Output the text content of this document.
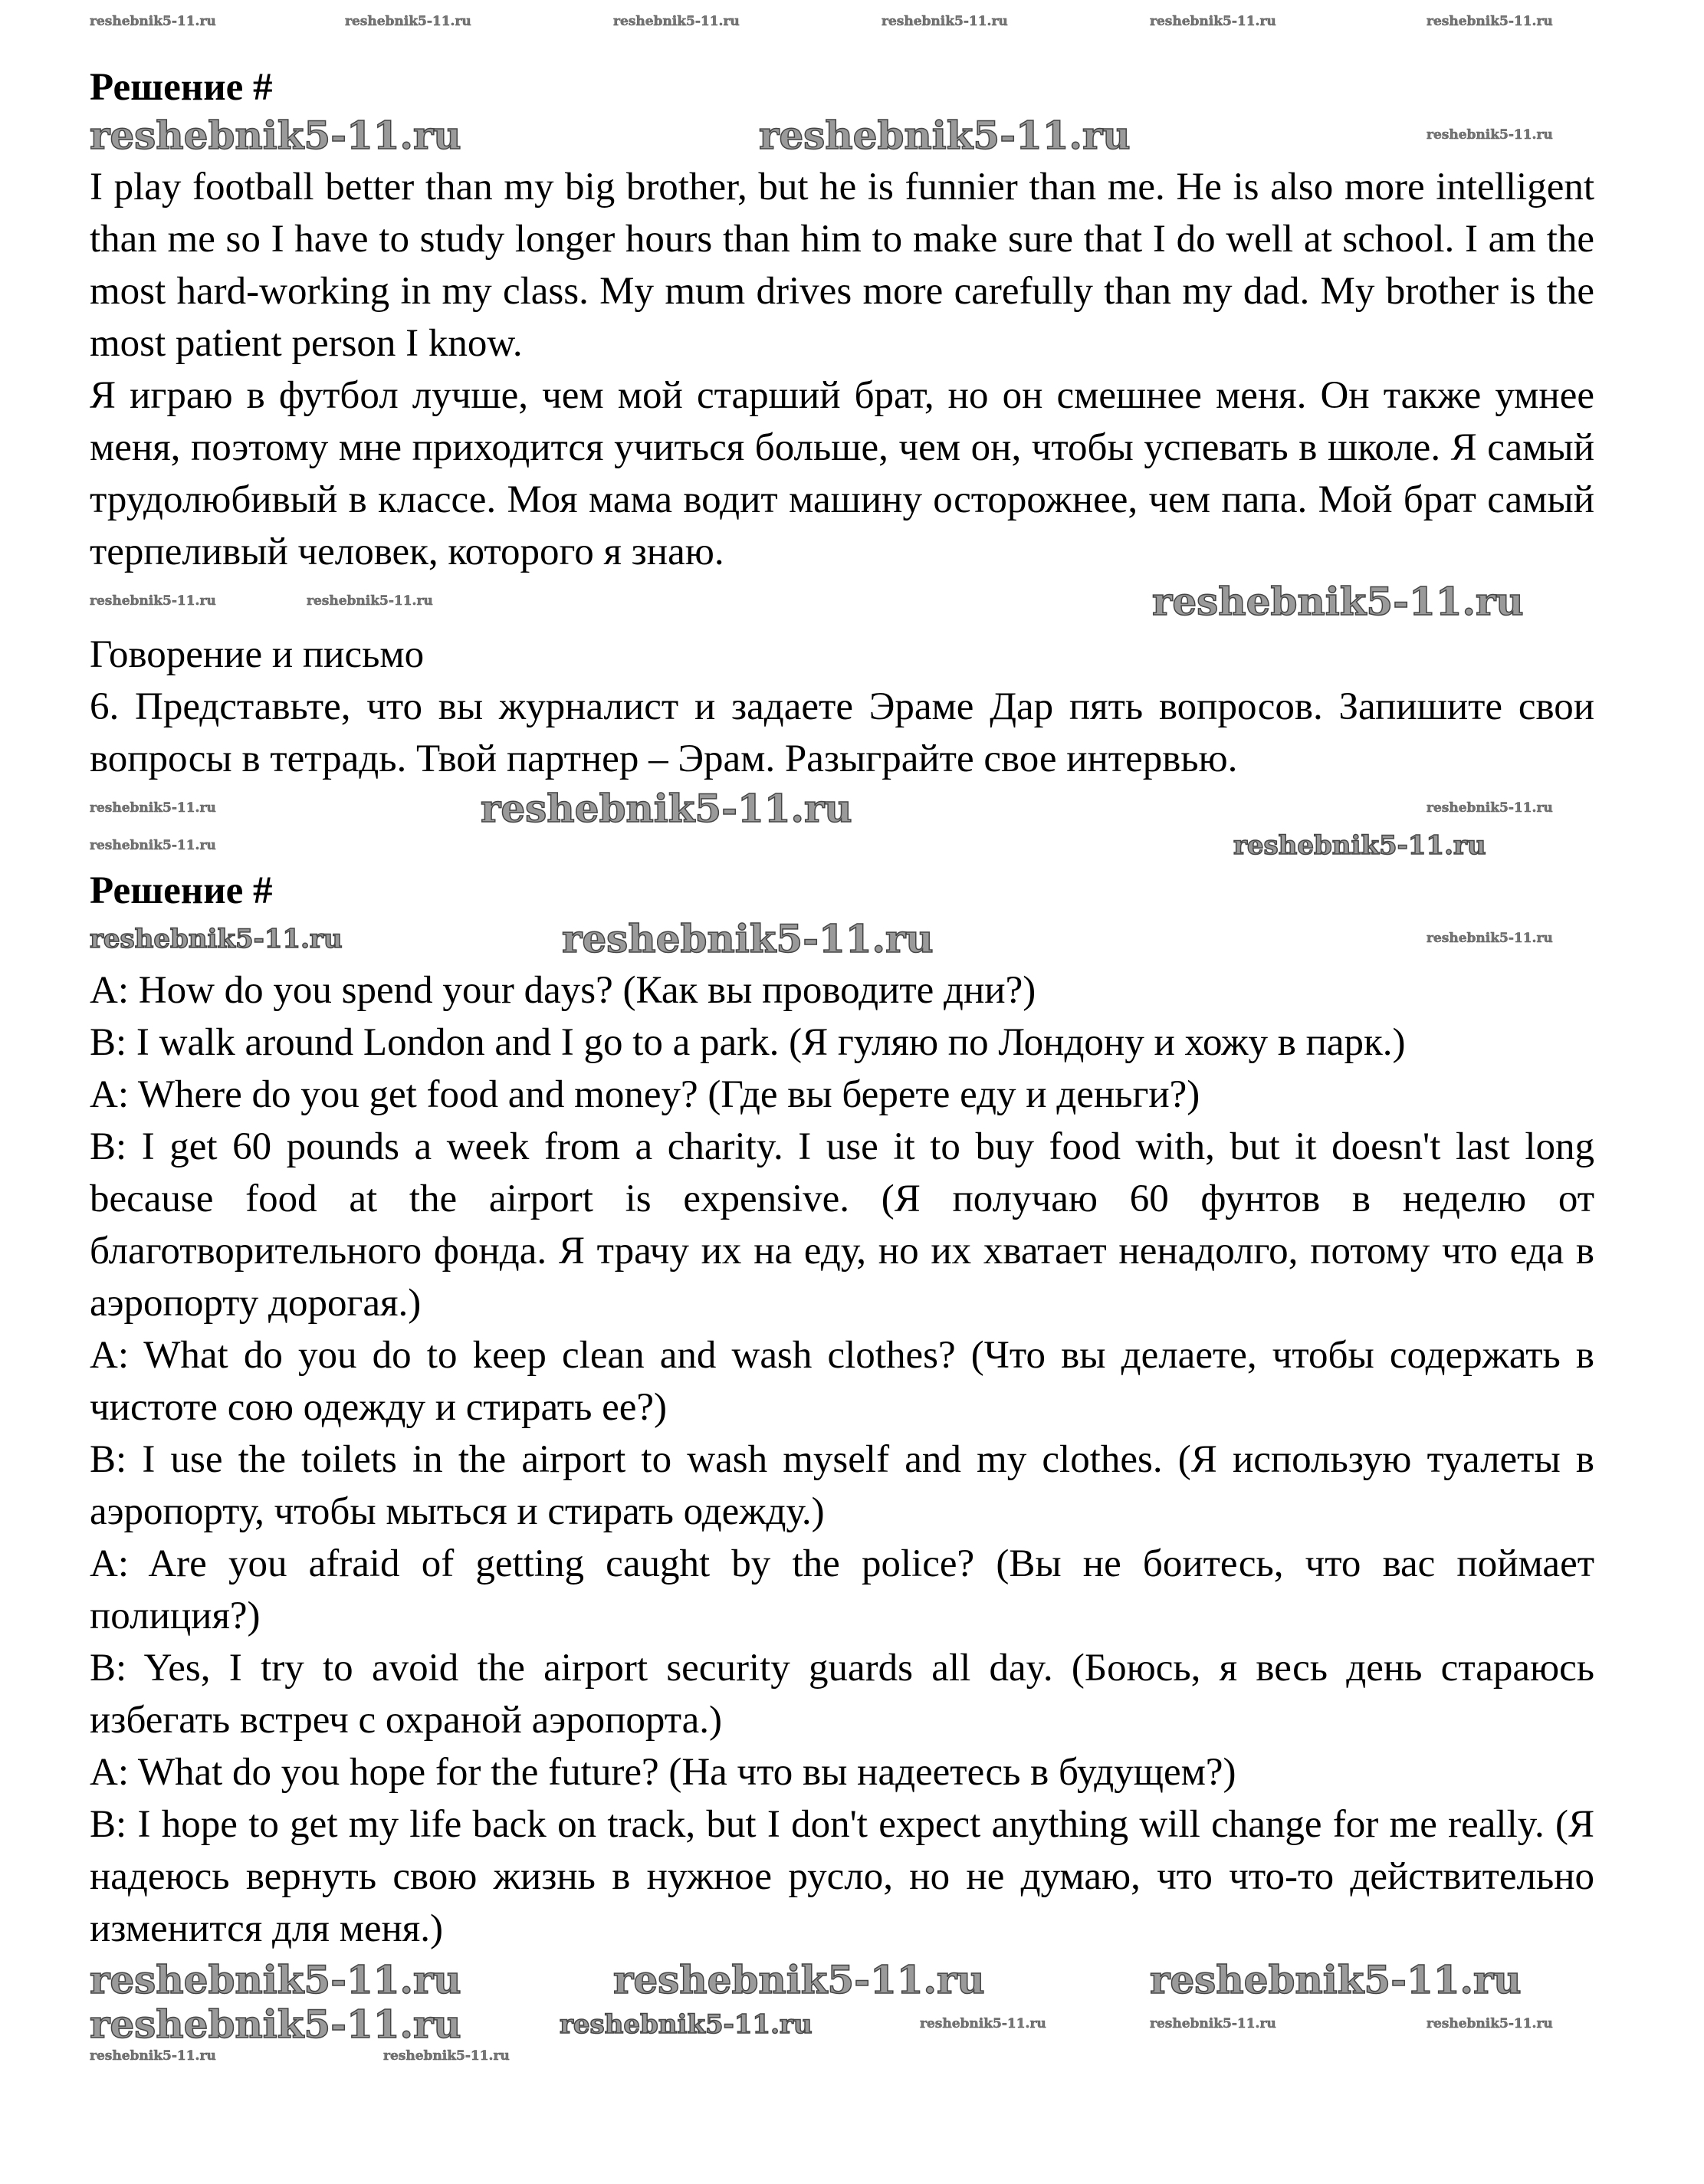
reshebnik5-11.ru	reshebnik5-11.ru	reshebnik5-11.ru	reshebnik5-11.ru	reshebnik5-11.ru	reshebnik5-11.ru
Решение #
reshebnik5-11.ru	reshebnik5-11.ru	reshebnik5-11.ru

I play football better than my big brother, but he is funnier than me. He is also more intelligent than me so I have to study longer hours than him to make sure that I do well at school. I am the most hard-working in my class. My mum drives more carefully than my dad. My brother is the most patient person I know.

Я играю в футбол лучше, чем мой старший брат, но он смешнее меня. Он также умнее меня, поэтому мне приходится учиться больше, чем он, чтобы успевать в школе. Я самый трудолюбивый в классе. Моя мама водит машину осторожнее, чем папа. Мой брат самый терпеливый человек, которого я знаю.

reshebnik5-11.ru	reshebnik5-11.ru	reshebnik5-11.ru

Говорение и письмо

6. Представьте, что вы журналист и задаете Эраме Дар пять вопросов. Запишите свои вопросы в тетрадь. Твой партнер – Эрам. Разыграйте свое интервью.

reshebnik5-11.ru	reshebnik5-11.ru	reshebnik5-11.ru
reshebnik5-11.ru	reshebnik5-11.ru
Решение #
reshebnik5-11.ru	reshebnik5-11.ru	reshebnik5-11.ru

A: How do you spend your days? (Как вы проводите дни?)

B: I walk around London and I go to a park. (Я гуляю по Лондону и хожу в парк.)

A: Where do you get food and money? (Где вы берете еду и деньги?)

B: I get 60 pounds a week from a charity. I use it to buy food with, but it doesn't last long because food at the airport is expensive. (Я получаю 60 фунтов в неделю от благотворительного фонда. Я трачу их на еду, но их хватает ненадолго, потому что еда в аэропорту дорогая.)

A: What do you do to keep clean and wash clothes? (Что вы делаете, чтобы содержать в чистоте сою одежду и стирать ее?)

B: I use the toilets in the airport to wash myself and my clothes. (Я использую туалеты в аэропорту, чтобы мыться и стирать одежду.)

A: Are you afraid of getting caught by the police? (Вы не боитесь, что вас поймает полиция?)

B: Yes, I try to avoid the airport security guards all day. (Боюсь, я весь день стараюсь избегать встреч с охраной аэропорта.)

A: What do you hope for the future? (На что вы надеетесь в будущем?)

B: I hope to get my life back on track, but I don't expect anything will change for me really. (Я надеюсь вернуть свою жизнь в нужное русло, но не думаю, что что-то действительно изменится для меня.)

reshebnik5-11.ru	reshebnik5-11.ru	reshebnik5-11.ru
reshebnik5-11.ru	reshebnik5-11.ru	reshebnik5-11.ru	reshebnik5-11.ru	reshebnik5-11.ru
reshebnik5-11.ru	reshebnik5-11.ru
